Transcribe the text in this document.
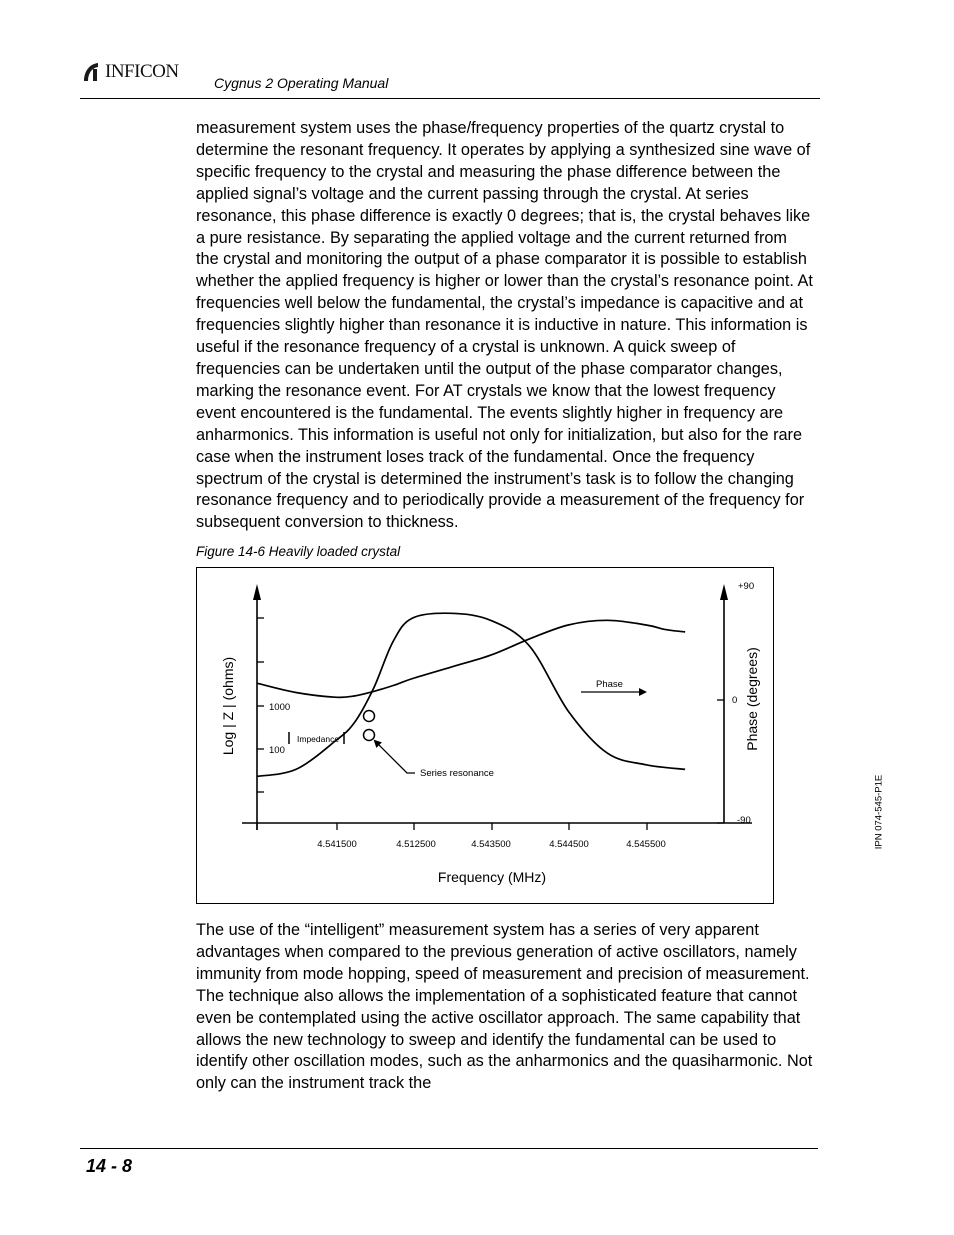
INFICON
Cygnus 2 Operating Manual

measurement system uses the phase/frequency properties of the quartz crystal to determine the resonant frequency. It operates by applying a synthesized sine wave of specific frequency to the crystal and measuring the phase difference between the applied signal’s voltage and the current passing through the crystal. At series resonance, this phase difference is exactly 0 degrees; that is, the crystal behaves like a pure resistance. By separating the applied voltage and the current returned from the crystal and monitoring the output of a phase comparator it is possible to establish whether the applied frequency is higher or lower than the crystal’s resonance point. At frequencies well below the fundamental, the crystal’s impedance is capacitive and at frequencies slightly higher than resonance it is inductive in nature. This information is useful if the resonance frequency of a crystal is unknown. A quick sweep of frequencies can be undertaken until the output of the phase comparator changes, marking the resonance event. For AT crystals we know that the lowest frequency event encountered is the fundamental. The events slightly higher in frequency are anharmonics. This information is useful not only for initialization, but also for the rare case when the instrument loses track of the fundamental. Once the frequency spectrum of the crystal is determined the instrument’s task is to follow the changing resonance frequency and to periodically provide a measurement of the frequency for subsequent conversion to thickness.

Figure 14-6 Heavily loaded crystal
4.541500	4.512500	4.543500	4.544500	4.545500
1000
100
+90
0
-90
Frequency (MHz)
Log | Z | (ohms)	Phase (degrees)
Phase
Impedance
Series resonance

The use of the “intelligent” measurement system has a series of very apparent advantages when compared to the previous generation of active oscillators, namely immunity from mode hopping, speed of measurement and precision of measurement. The technique also allows the implementation of a sophisticated feature that cannot even be contemplated using the active oscillator approach. The same capability that allows the new technology to sweep and identify the fundamental can be used to identify other oscillation modes, such as the anharmonics and the quasiharmonic. Not only can the instrument track the

IPN 074-545-P1E
14 - 8
